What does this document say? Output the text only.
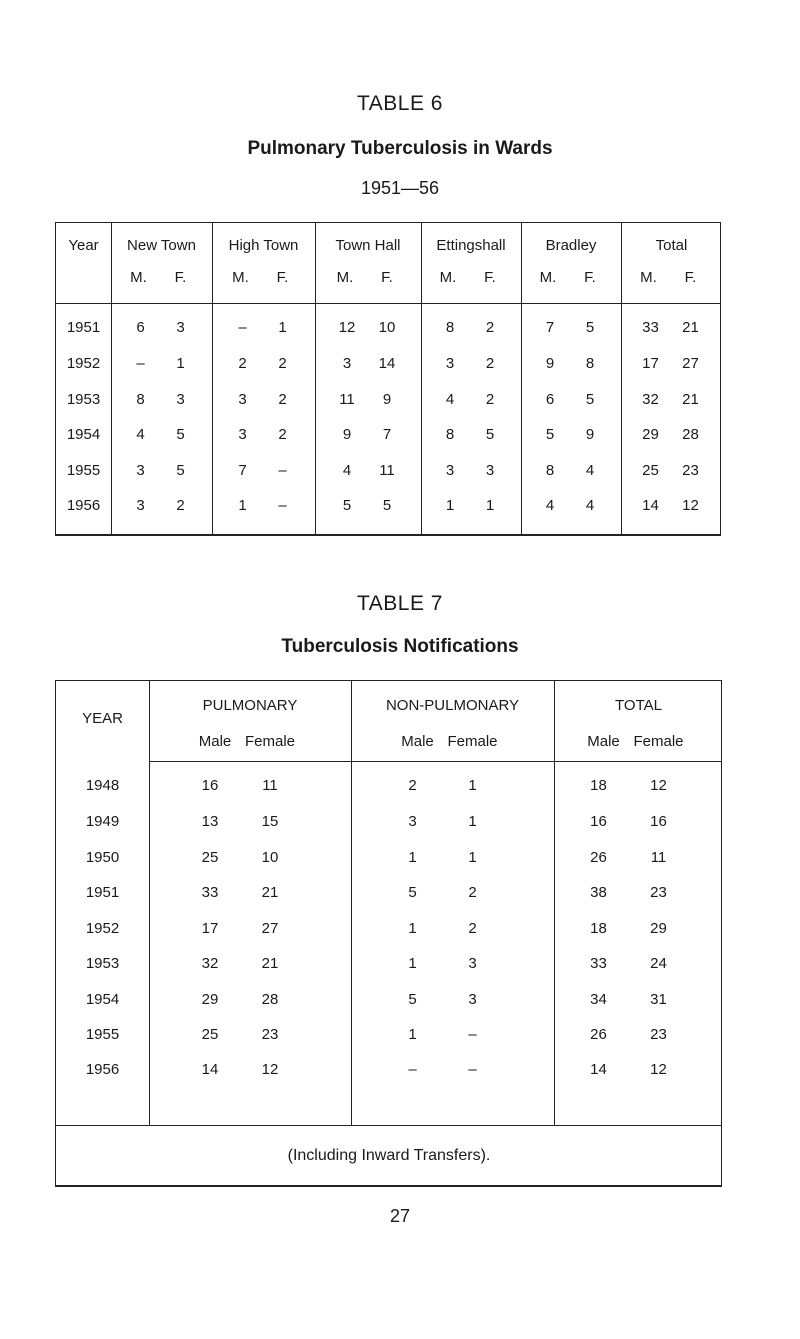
TABLE 6
Pulmonary Tuberculosis in Wards
1951—56
Year	New Town
M.	F.
High Town
M.	F.
Town Hall
M.	F.
Ettingshall
M.	F.
Bradley
M.	F.
Total
M.	F.
1951	6	3	–	1	12	10	8	2	7	5	33	21
1952	–	1	2	2	3	14	3	2	9	8	17	27
1953	8	3	3	2	11	9	4	2	6	5	32	21
1954	4	5	3	2	9	7	8	5	5	9	29	28
1955	3	5	7	–	4	11	3	3	8	4	25	23
1956	3	2	1	–	5	5	1	1	4	4	14	12
TABLE 7
Tuberculosis Notifications
YEAR
PULMONARY
Male Female
NON-PULMONARY
Male Female
TOTAL
Male Female
1948	16	11	2	1	18	12
1949	13	15	3	1	16	16
1950	25	10	1	1	26	11
1951	33	21	5	2	38	23
1952	17	27	1	2	18	29
1953	32	21	1	3	33	24
1954	29	28	5	3	34	31
1955	25	23	1	–	26	23
1956	14	12	–	–	14	12
(Including Inward Transfers).
27
